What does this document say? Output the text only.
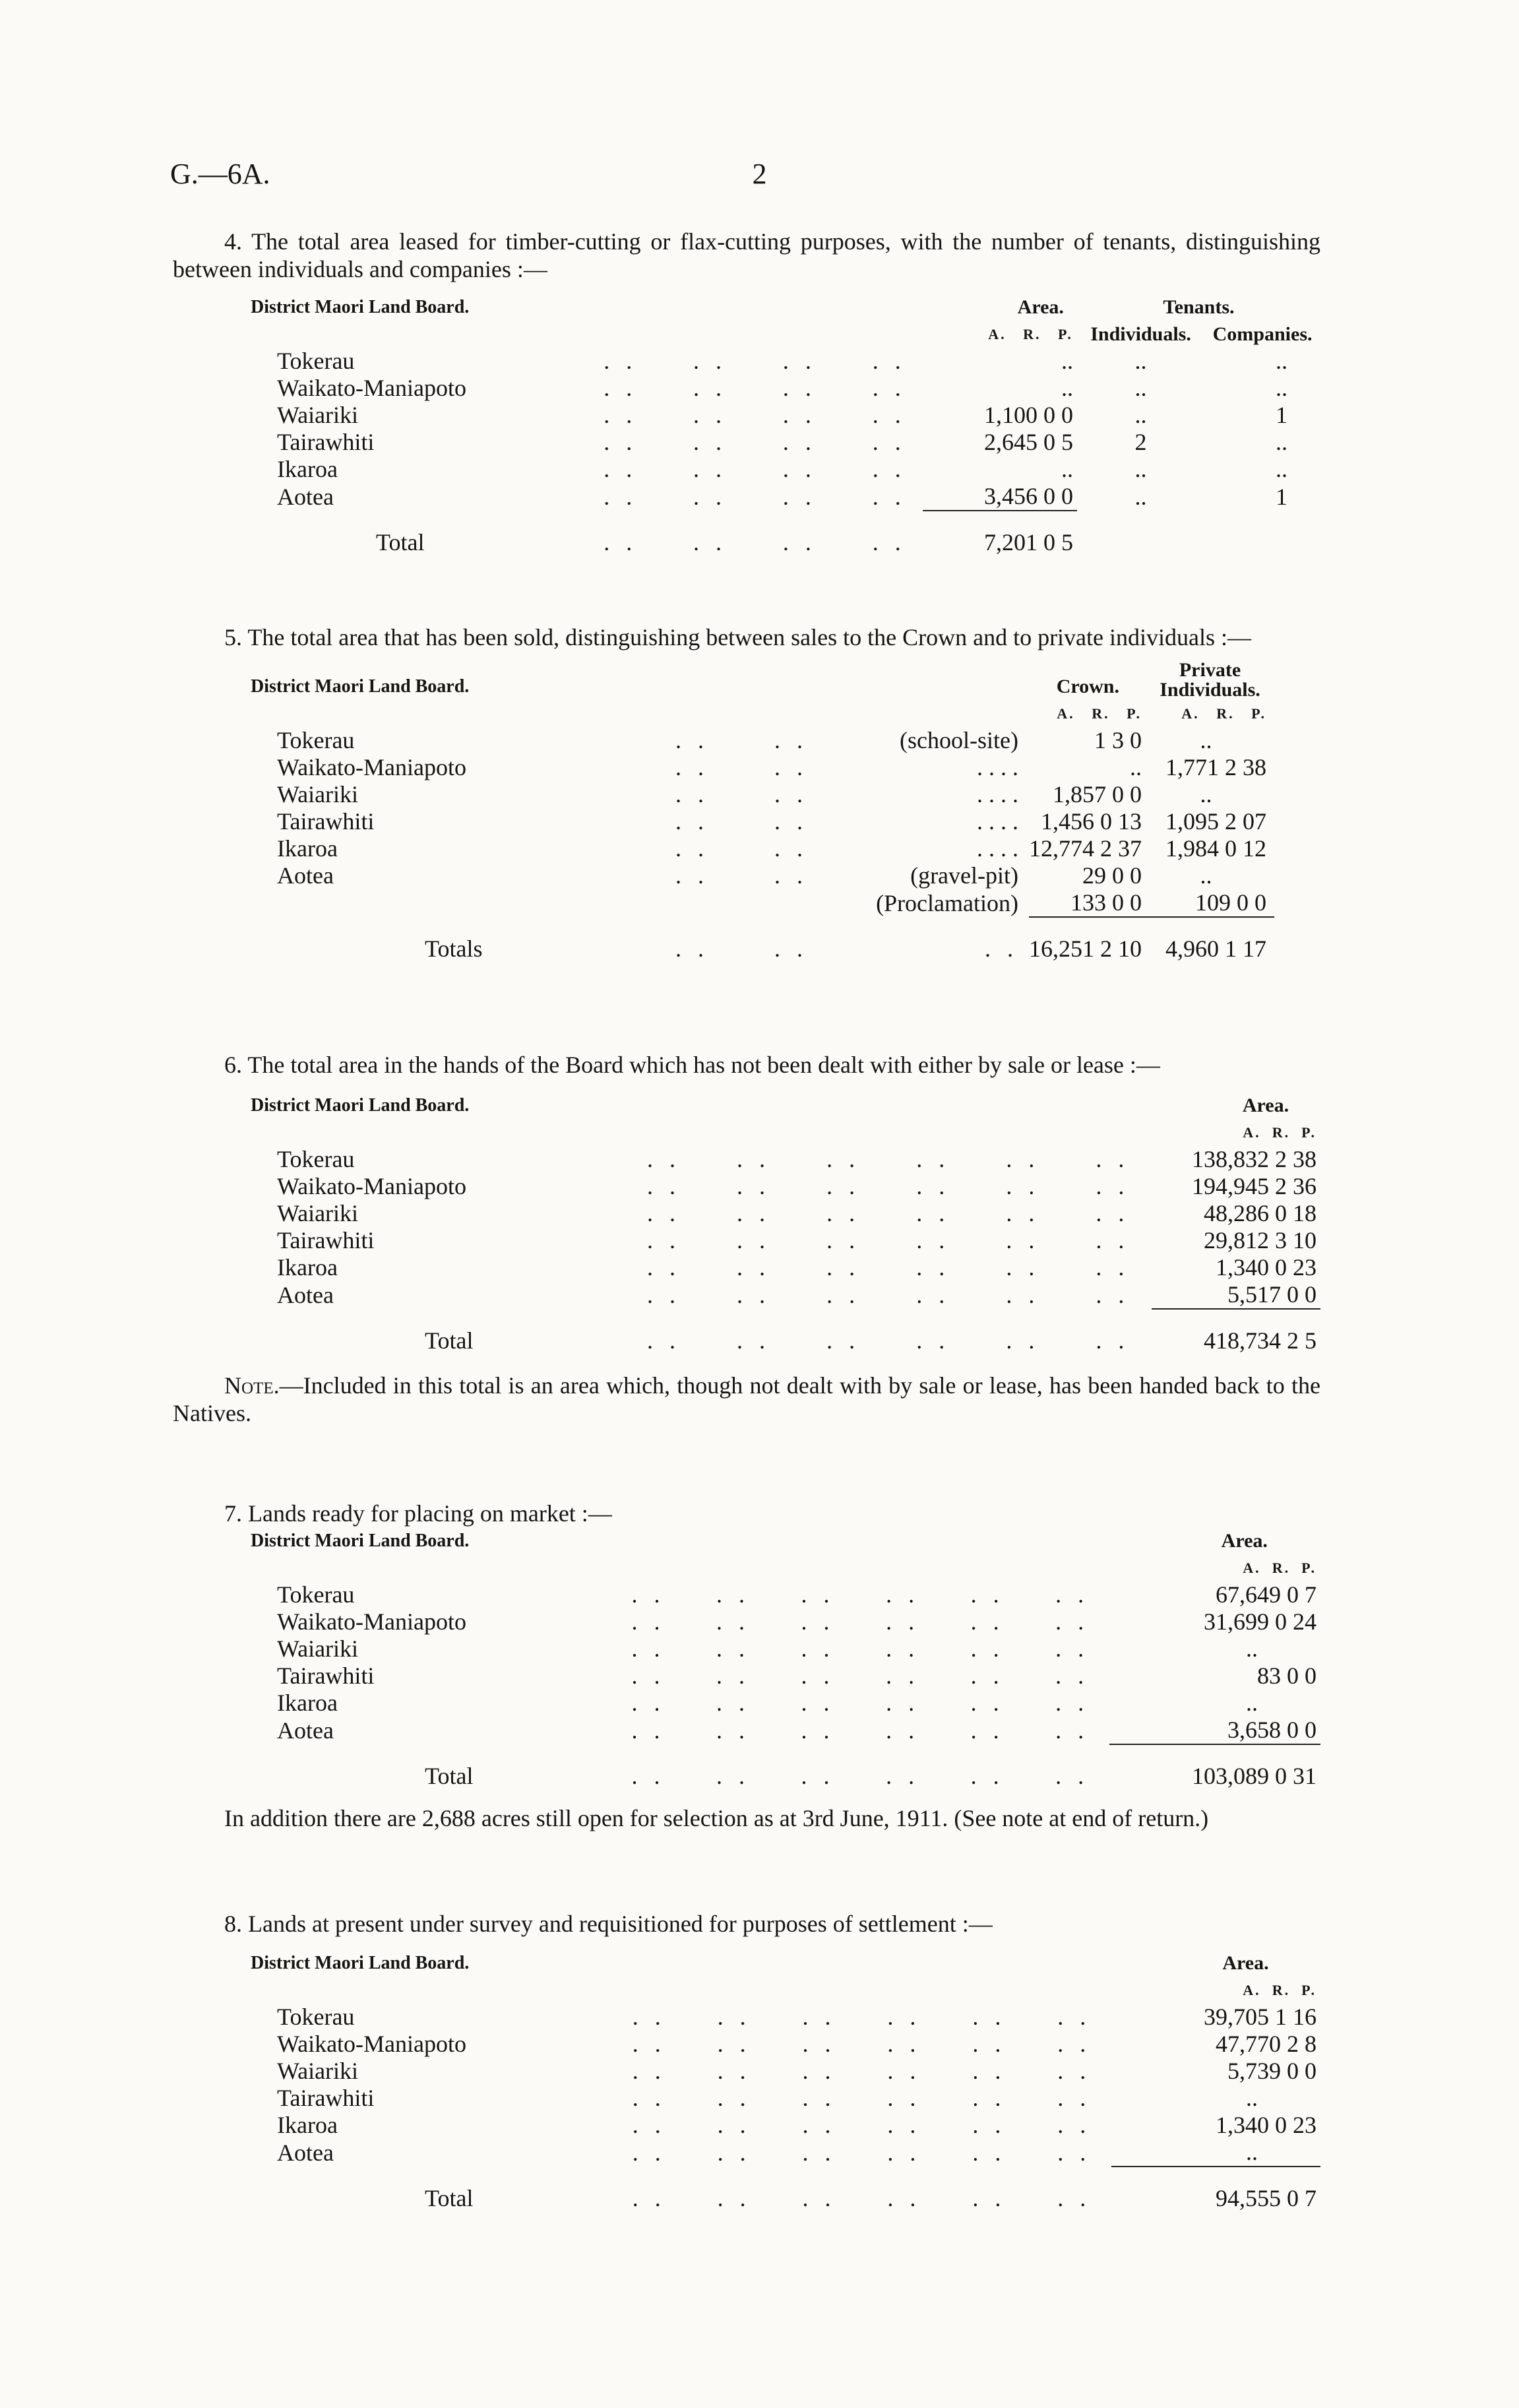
G.—6A.	2

4. The total area leased for timber-cutting or flax-cutting purposes, with the number of tenants, distinguishing between individuals and companies :—

District Maori Land Board.					Area.	Tenants.	
					A. R. P.	Individuals.	Companies.
Tokerau	. .	. .	. .	. .	..	..	..
Waikato-Maniapoto	. .	. .	. .	. .	..	..	..
Waiariki	. .	. .	. .	. .	1,100 0 0	..	1
Tairawhiti	. .	. .	. .	. .	2,645 0 5	2	..
Ikaroa	. .	. .	. .	. .	..	..	..
Aotea	. .	. .	. .	. .	3,456 0 0	..	1
Total	. .	. .	. .	. .	7,201 0 5		

5. The total area that has been sold, distinguishing between sales to the Crown and to private individuals :—

District Maori Land Board.				Crown.	Private
Individuals.

				A. R. P.	A. R. P.
Tokerau	. .	. .	(school-site)	1 3 0	..
Waikato-Maniapoto	. .	. .	. . . .	..	1,771 2 38
Waiariki	. .	. .	. . . .	1,857 0 0	..
Tairawhiti	. .	. .	. . . .	1,456 0 13	1,095 2 07
Ikaroa	. .	. .	. . . .	12,774 2 37	1,984 0 12
Aotea	. .	. .	(gravel-pit)	29 0 0	..
			(Proclamation)	133 0 0	109 0 0
Totals	. .	. .	. .	16,251 2 10	4,960 1 17

6. The total area in the hands of the Board which has not been dealt with either by sale or lease :—

District Maori Land Board.							Area.
							A. R. P.
Tokerau	. .	. .	. .	. .	. .	. .	138,832 2 38
Waikato-Maniapoto	. .	. .	. .	. .	. .	. .	194,945 2 36
Waiariki	. .	. .	. .	. .	. .	. .	48,286 0 18
Tairawhiti	. .	. .	. .	. .	. .	. .	29,812 3 10
Ikaroa	. .	. .	. .	. .	. .	. .	1,340 0 23
Aotea	. .	. .	. .	. .	. .	. .	5,517 0 0
Total	. .	. .	. .	. .	. .	. .	418,734 2 5

Note.—Included in this total is an area which, though not dealt with by sale or lease, has been handed back to the Natives.

7. Lands ready for placing on market :—

District Maori Land Board.							Area.
							A. R. P.
Tokerau	. .	. .	. .	. .	. .	. .	67,649 0 7
Waikato-Maniapoto	. .	. .	. .	. .	. .	. .	31,699 0 24
Waiariki	. .	. .	. .	. .	. .	. .	..
Tairawhiti	. .	. .	. .	. .	. .	. .	83 0 0
Ikaroa	. .	. .	. .	. .	. .	. .	..
Aotea	. .	. .	. .	. .	. .	. .	3,658 0 0
Total	. .	. .	. .	. .	. .	. .	103,089 0 31

In addition there are 2,688 acres still open for selection as at 3rd June, 1911. (See note at end of return.)

8. Lands at present under survey and requisitioned for purposes of settlement :—

District Maori Land Board.							Area.
							A. R. P.
Tokerau	. .	. .	. .	. .	. .	. .	39,705 1 16
Waikato-Maniapoto	. .	. .	. .	. .	. .	. .	47,770 2 8
Waiariki	. .	. .	. .	. .	. .	. .	5,739 0 0
Tairawhiti	. .	. .	. .	. .	. .	. .	..
Ikaroa	. .	. .	. .	. .	. .	. .	1,340 0 23
Aotea	. .	. .	. .	. .	. .	. .	..
Total	. .	. .	. .	. .	. .	. .	94,555 0 7
